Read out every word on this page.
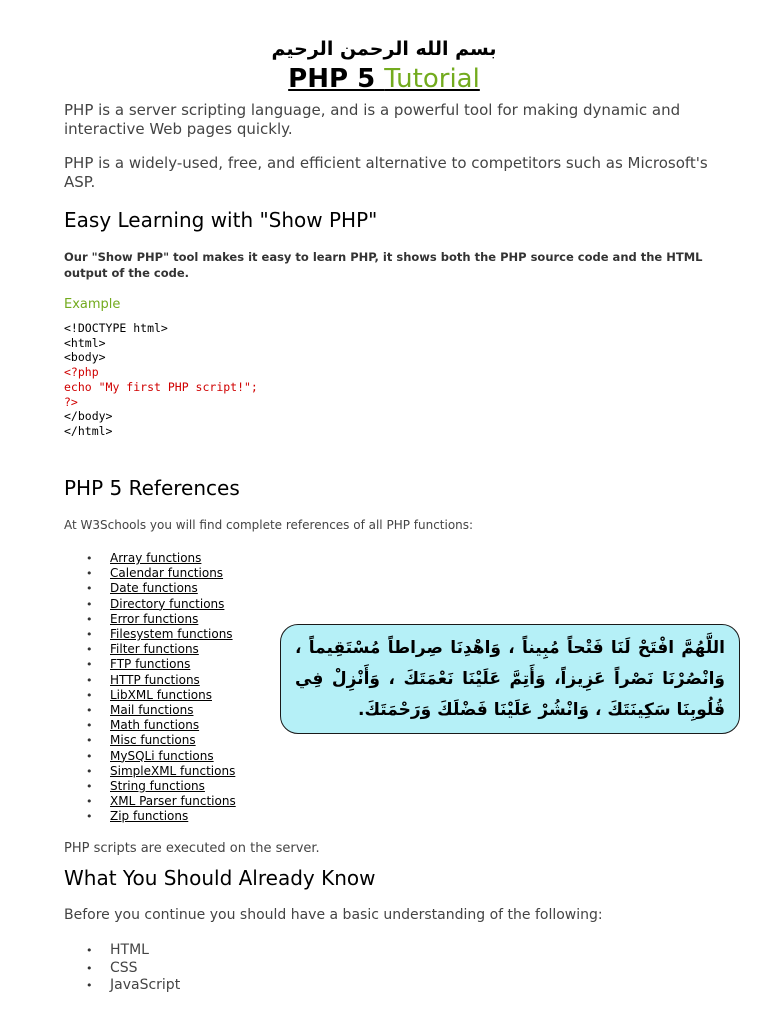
بسم الله الرحمن الرحيم
PHP 5 Tutorial

PHP is a server scripting language, and is a powerful tool for making dynamic and interactive Web pages quickly.

PHP is a widely-used, free, and efficient alternative to competitors such as Microsoft's ASP.

Easy Learning with "Show PHP"

Our "Show PHP" tool makes it easy to learn PHP, it shows both the PHP source code and the HTML output of the code.

Example
<!DOCTYPE html>
<html>
<body>
<?php
echo "My first PHP script!";
?>
</body>
</html>
PHP 5 References

At W3Schools you will find complete references of all PHP functions:

• Array functions
• Calendar functions
• Date functions
• Directory functions
• Error functions
• Filesystem functions
• Filter functions
• FTP functions
• HTTP functions
• LibXML functions
• Mail functions
• Math functions
• Misc functions
• MySQLi functions
• SimpleXML functions
• String functions
• XML Parser functions
• Zip functions

PHP scripts are executed on the server.

اللَّهُمَّ افْتَحْ لَنَا فَتْحاً مُبِيناً ، وَاهْدِنَا صِراطاً مُسْتَقِيماً ، وَانْصُرْنَا نَصْراً عَزِيزاً، وَأَتِمَّ عَلَيْنَا نَعْمَتَكَ ، وَأَنْزِلْ فِي قُلُوبِنَا سَكِينَتَكَ ، وَانْشُرْ عَلَيْنَا فَضْلَكَ وَرَحْمَتَكَ.
What You Should Already Know

Before you continue you should have a basic understanding of the following:

• HTML
• CSS
• JavaScript
